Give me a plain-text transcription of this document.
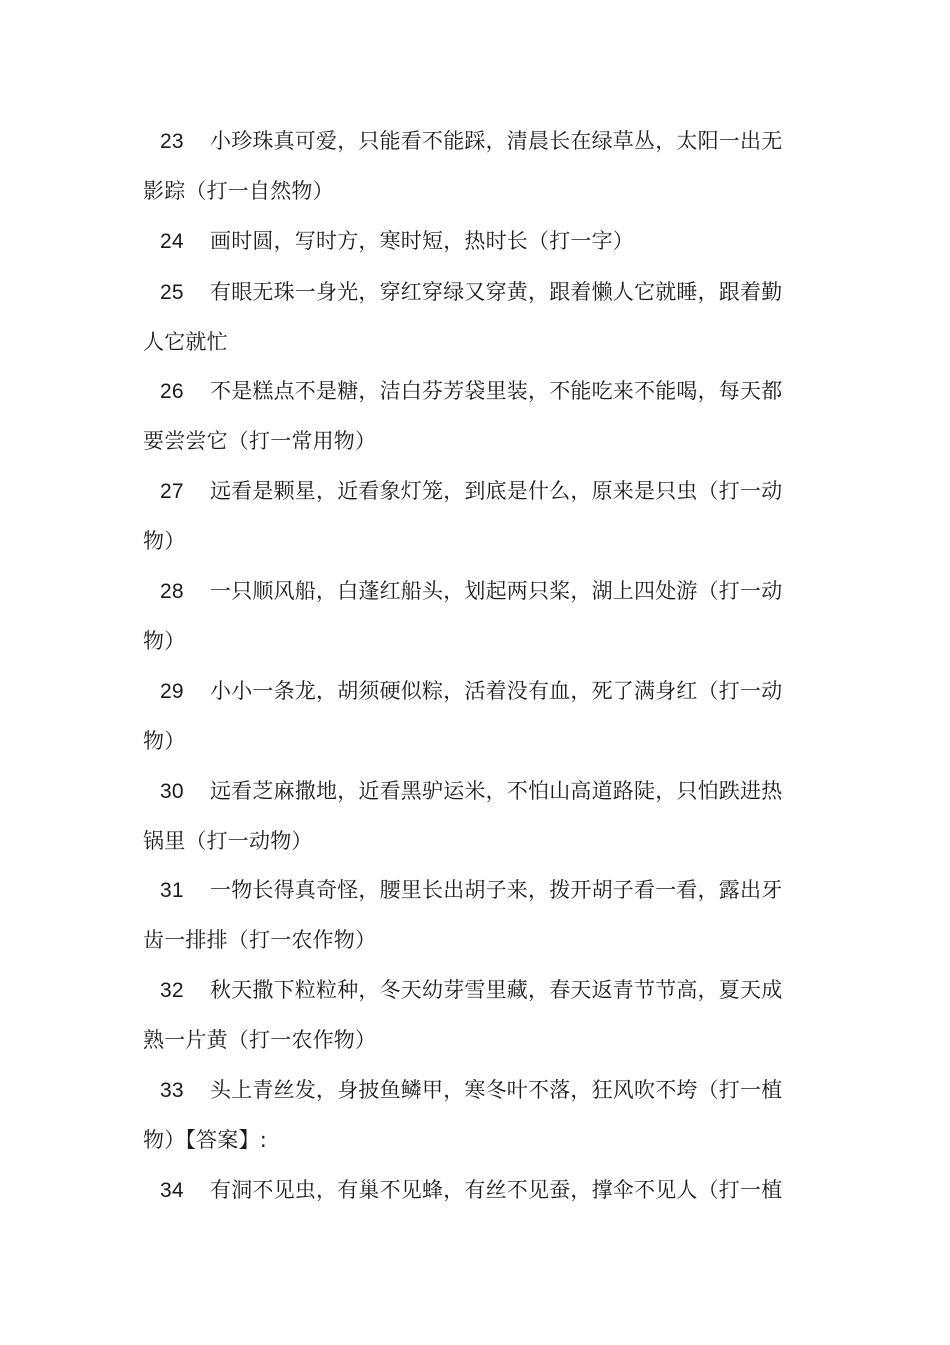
23 小珍珠真可爱，只能看不能踩，清晨长在绿草丛，太阳一出无
影踪（打一自然物）
24 画时圆，写时方，寒时短，热时长（打一字）
25 有眼无珠一身光，穿红穿绿又穿黄，跟着懒人它就睡，跟着勤
人它就忙
26 不是糕点不是糖，洁白芬芳袋里装，不能吃来不能喝，每天都
要尝尝它（打一常用物）
27 远看是颗星，近看象灯笼，到底是什么，原来是只虫（打一动
物）
28 一只顺风船，白蓬红船头，划起两只桨，湖上四处游（打一动
物）
29 小小一条龙，胡须硬似粽，活着没有血，死了满身红（打一动
物）
30 远看芝麻撒地，近看黑驴运米，不怕山高道路陡，只怕跌进热
锅里（打一动物）
31 一物长得真奇怪，腰里长出胡子来，拨开胡子看一看，露出牙
齿一排排（打一农作物）
32 秋天撒下粒粒种，冬天幼芽雪里藏，春天返青节节高，夏天成
熟一片黄（打一农作物）
33 头上青丝发，身披鱼鳞甲，寒冬叶不落，狂风吹不垮（打一植
物）【答案】:
34 有洞不见虫，有巢不见蜂，有丝不见蚕，撑伞不见人（打一植
